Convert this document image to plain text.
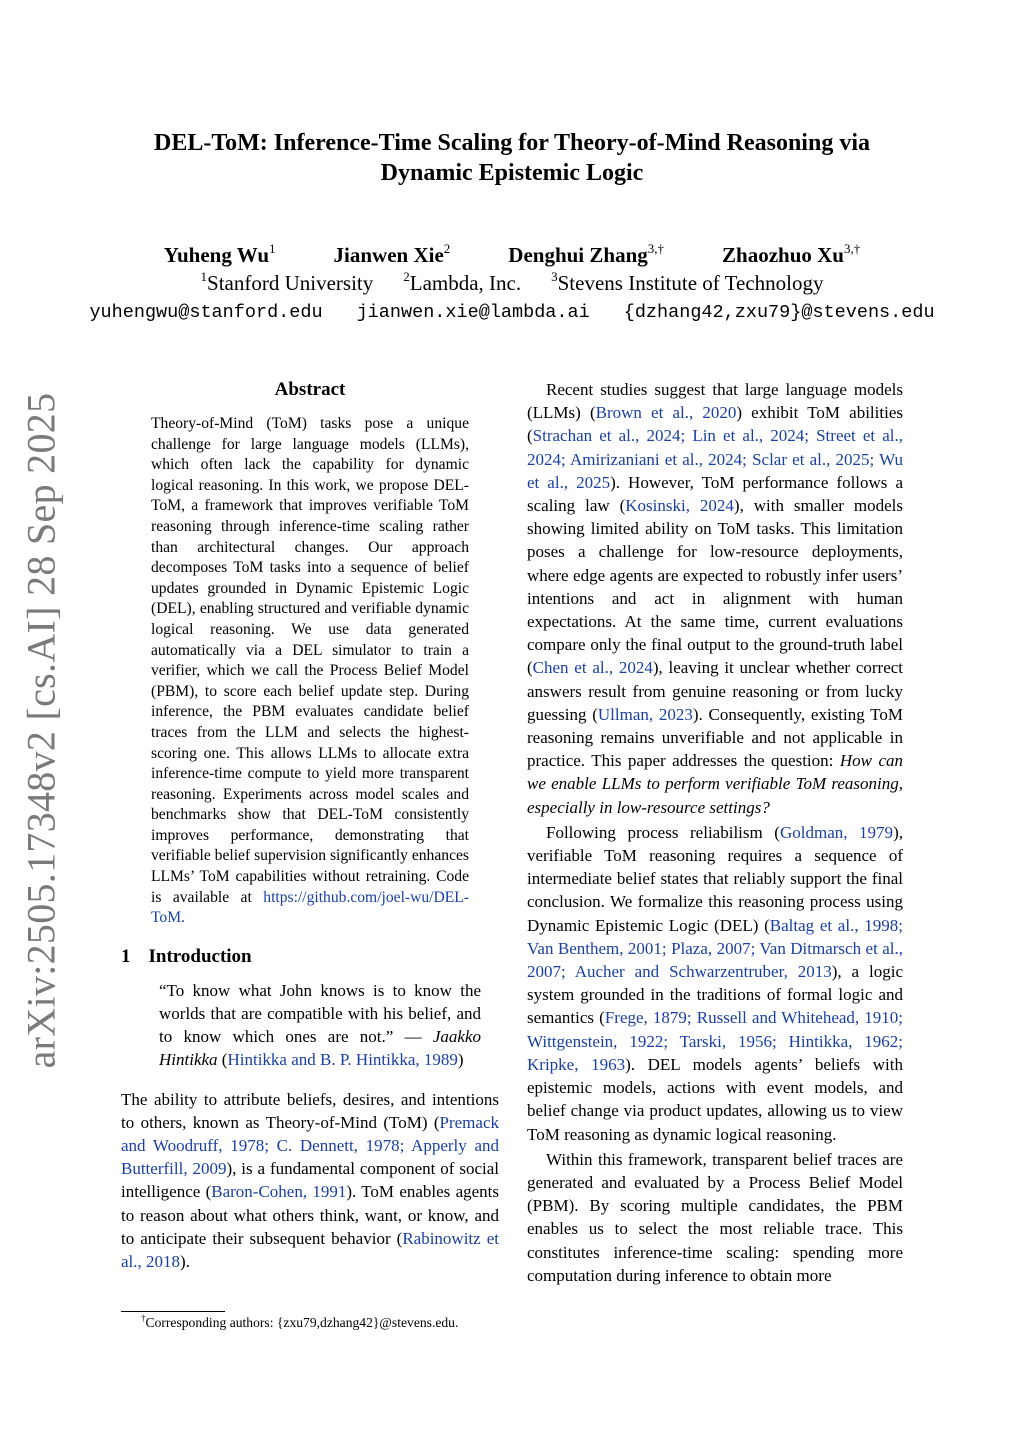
arXiv:2505.17348v2 [cs.AI] 28 Sep 2025
DEL-ToM: Inference-Time Scaling for Theory-of-Mind Reasoning via
Dynamic Epistemic Logic
Yuheng Wu$^1$	Jianwen Xie$^2$	Denghui Zhang$^{3,\dagger}$	Zhaozhuo $Xu^{3,\dagger}$
$^1$Stanford University $^2$Lambda, Inc. $^3$Stevens Institute of Technology
yuhengwu@stanford.edu jianwen.xie@lambda.ai {dzhang42,zxu79}@stevens.edu
Abstract

Theory-of-Mind (ToM) tasks pose a unique challenge for large language models (LLMs), which often lack the capability for dynamic logical reasoning. In this work, we propose DEL-ToM, a framework that improves verifiable ToM reasoning through inference-time scaling rather than architectural changes. Our approach decomposes ToM tasks into a sequence of belief updates grounded in Dynamic Epistemic Logic (DEL), enabling structured and verifiable dynamic logical reasoning. We use data generated automatically via a DEL simulator to train a verifier, which we call the Process Belief Model (PBM), to score each belief update step. During inference, the PBM evaluates candidate belief traces from the LLM and selects the highest-scoring one. This allows LLMs to allocate extra inference-time compute to yield more transparent reasoning. Experiments across model scales and benchmarks show that DEL-ToM consistently improves performance, demonstrating that verifiable belief supervision significantly enhances LLMs’ ToM capabilities without retraining. Code is available at https://github.com/joel-wu/DEL-ToM.

1 Introduction

“To know what John knows is to know the worlds that are compatible with his belief, and to know which ones are not.” — Jaakko Hintikka (Hintikka and B. P. Hintikka, 1989)

The ability to attribute beliefs, desires, and intentions to others, known as Theory-of-Mind (ToM) (Premack and Woodruff, 1978; C. Dennett, 1978; Apperly and Butterfill, 2009), is a fundamental component of social intelligence (Baron-Cohen, 1991). ToM enables agents to reason about what others think, want, or know, and to anticipate their subsequent behavior (Rabinowitz et al., 2018).

†Corresponding authors: {zxu79,dzhang42}@stevens.edu.

Recent studies suggest that large language models (LLMs) (Brown et al., 2020) exhibit ToM abilities (Strachan et al., 2024; Lin et al., 2024; Street et al., 2024; Amirizaniani et al., 2024; Sclar et al., 2025; Wu et al., 2025). However, ToM performance follows a scaling law (Kosinski, 2024), with smaller models showing limited ability on ToM tasks. This limitation poses a challenge for low-resource deployments, where edge agents are expected to robustly infer users’ intentions and act in alignment with human expectations. At the same time, current evaluations compare only the final output to the ground-truth label (Chen et al., 2024), leaving it unclear whether correct answers result from genuine reasoning or from lucky guessing (Ullman, 2023). Consequently, existing ToM reasoning remains unverifiable and not applicable in practice. This paper addresses the question: How can we enable LLMs to perform verifiable ToM reasoning, especially in low-resource settings?

Following process reliabilism (Goldman, 1979), verifiable ToM reasoning requires a sequence of intermediate belief states that reliably support the final conclusion. We formalize this reasoning process using Dynamic Epistemic Logic (DEL) (Baltag et al., 1998; Van Benthem, 2001; Plaza, 2007; Van Ditmarsch et al., 2007; Aucher and Schwarzentruber, 2013), a logic system grounded in the traditions of formal logic and semantics (Frege, 1879; Russell and Whitehead, 1910; Wittgenstein, 1922; Tarski, 1956; Hintikka, 1962; Kripke, 1963). DEL models agents’ beliefs with epistemic models, actions with event models, and belief change via product updates, allowing us to view ToM reasoning as dynamic logical reasoning.

Within this framework, transparent belief traces are generated and evaluated by a Process Belief Model (PBM). By scoring multiple candidates, the PBM enables us to select the most reliable trace. This constitutes inference-time scaling: spending more computation during inference to obtain more
